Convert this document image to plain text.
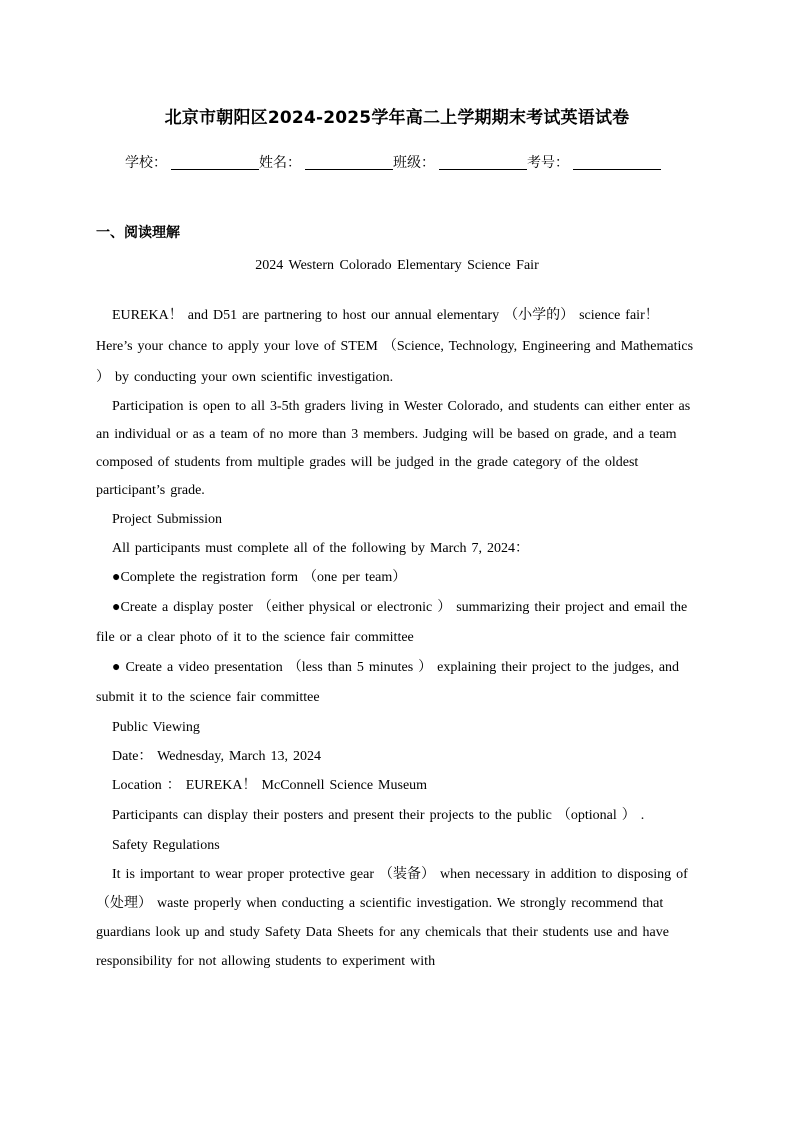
北京市朝阳区2024-2025学年高二上学期期末考试英语试卷
学校：	姓名：	班级：	考号：
一、阅读理解
2024 Western Colorado Elementary Science Fair

EUREKA！ and D51 are partnering to host our annual elementary （小学的） science fair！ Here’s your chance to apply your love of STEM （Science, Technology, Engineering and Mathematics ） by conducting your own scientific investigation.

Participation is open to all 3-5th graders living in Wester Colorado, and students can either enter as an individual or as a team of no more than 3 members. Judging will be based on grade, and a team composed of students from multiple grades will be judged in the grade category of the oldest participant’s grade.

Project Submission

All participants must complete all of the following by March 7, 2024：

●Complete the registration form （one per team）

●Create a display poster （either physical or electronic ） summarizing their project and email the file or a clear photo of it to the science fair committee

● Create a video presentation （less than 5 minutes ） explaining their project to the judges, and submit it to the science fair committee

Public Viewing

Date： Wednesday, March 13, 2024

Location ： EUREKA！ McConnell Science Museum

Participants can display their posters and present their projects to the public （optional ） .

Safety Regulations

It is important to wear proper protective gear （装备） when necessary in addition to disposing of （处理） waste properly when conducting a scientific investigation. We strongly recommend that guardians look up and study Safety Data Sheets for any chemicals that their students use and have responsibility for not allowing students to experiment with
